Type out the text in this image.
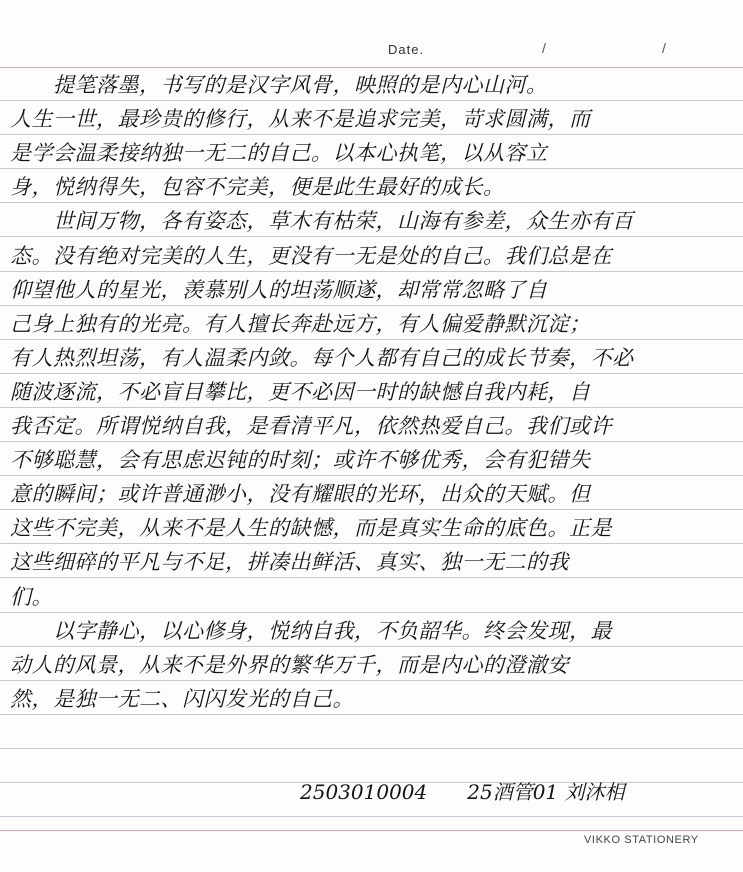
Date.	/	/
　　提笔落墨，书写的是汉字风骨，映照的是内心山河。
人生一世，最珍贵的修行，从来不是追求完美，苛求圆满，而
是学会温柔接纳独一无二的自己。以本心执笔，以从容立
身，悦纳得失，包容不完美，便是此生最好的成长。
　　世间万物，各有姿态，草木有枯荣，山海有参差，众生亦有百
态。没有绝对完美的人生，更没有一无是处的自己。我们总是在
仰望他人的星光，羡慕别人的坦荡顺遂，却常常忽略了自
己身上独有的光亮。有人擅长奔赴远方，有人偏爱静默沉淀；
有人热烈坦荡，有人温柔内敛。每个人都有自己的成长节奏，不必
随波逐流，不必盲目攀比，更不必因一时的缺憾自我内耗，自
我否定。所谓悦纳自我，是看清平凡，依然热爱自己。我们或许
不够聪慧，会有思虑迟钝的时刻；或许不够优秀，会有犯错失
意的瞬间；或许普通渺小，没有耀眼的光环，出众的天赋。但
这些不完美，从来不是人生的缺憾，而是真实生命的底色。正是
这些细碎的平凡与不足，拼凑出鲜活、真实、独一无二的我
们。
　　以字静心，以心修身，悦纳自我，不负韶华。终会发现，最
动人的风景，从来不是外界的繁华万千，而是内心的澄澈安
然，是独一无二、闪闪发光的自己。
2503010004 25酒管01 刘沐相
VIKKO STATIONERY
